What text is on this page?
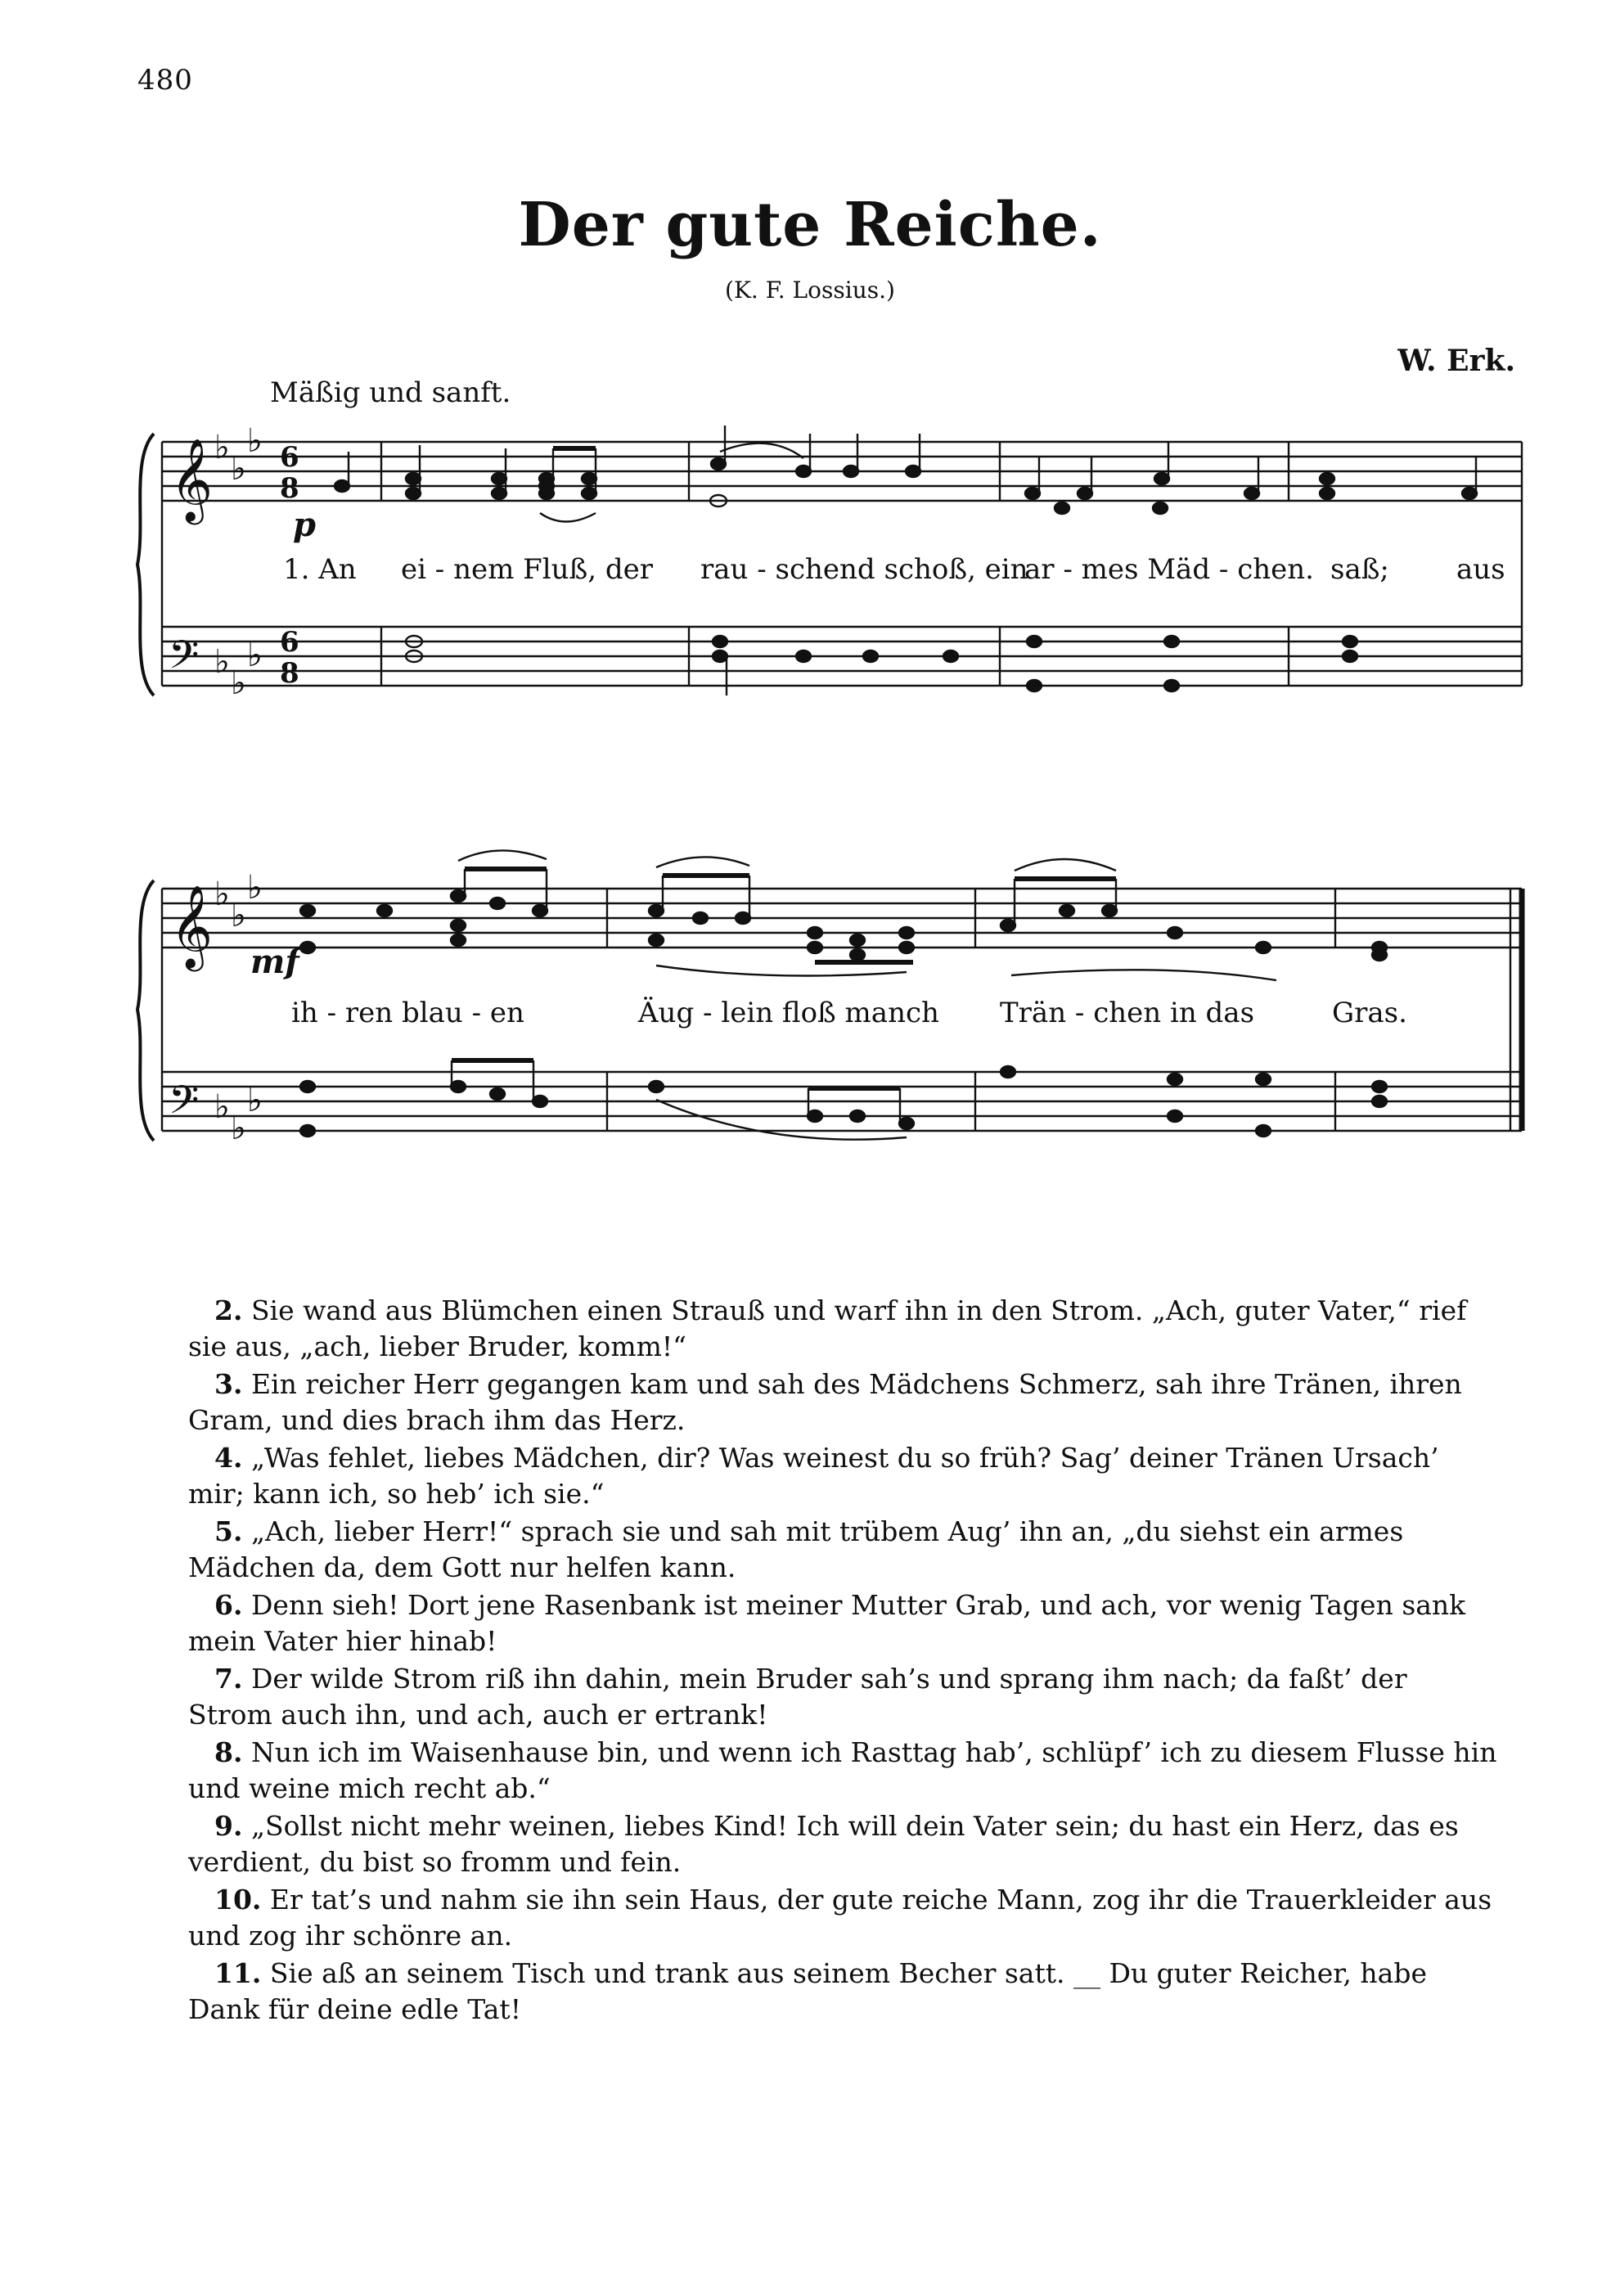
480
Der gute Reiche.
(K. F. Lossius.)
W. Erk.
Mäßig und sanft.
𝄞
𝄞
𝄢
𝄢
♭
♭
♭
♭
♭
♭
♭
♭
♭
♭
♭
♭
6
8
6
8
p
mf
1. An ei - nem Fluß, der rau - schend schoß, ein
ar - mes Mäd - chen. saß; aus
ih - ren blau - en	Äug - lein floß manch Trän - chen in das	Gras.

2. Sie wand aus Blümchen einen Strauß und warf ihn in den Strom. „Ach, guter Vater,“ rief sie aus, „ach, lieber Bruder, komm!“

3. Ein reicher Herr gegangen kam und sah des Mädchens Schmerz, sah ihre Tränen, ihren Gram, und dies brach ihm das Herz.

4. „Was fehlet, liebes Mädchen, dir? Was weinest du so früh? Sag’ deiner Tränen Ursach’ mir; kann ich, so heb’ ich sie.“

5. „Ach, lieber Herr!“ sprach sie und sah mit trübem Aug’ ihn an, „du siehst ein armes Mädchen da, dem Gott nur helfen kann.

6. Denn sieh! Dort jene Rasenbank ist meiner Mutter Grab, und ach, vor wenig Tagen sank mein Vater hier hinab!

7. Der wilde Strom riß ihn dahin, mein Bruder sah’s und sprang ihm nach; da faßt’ der Strom auch ihn, und ach, auch er ertrank!

8. Nun ich im Waisenhause bin, und wenn ich Rasttag hab’, schlüpf’ ich zu diesem Flusse hin und weine mich recht ab.“

9. „Sollst nicht mehr weinen, liebes Kind! Ich will dein Vater sein; du hast ein Herz, das es verdient, du bist so fromm und fein.

10. Er tat’s und nahm sie ihn sein Haus, der gute reiche Mann, zog ihr die Trauerkleider aus und zog ihr schönre an.

11. Sie aß an seinem Tisch und trank aus seinem Becher satt. __ Du guter Reicher, habe Dank für deine edle Tat!
